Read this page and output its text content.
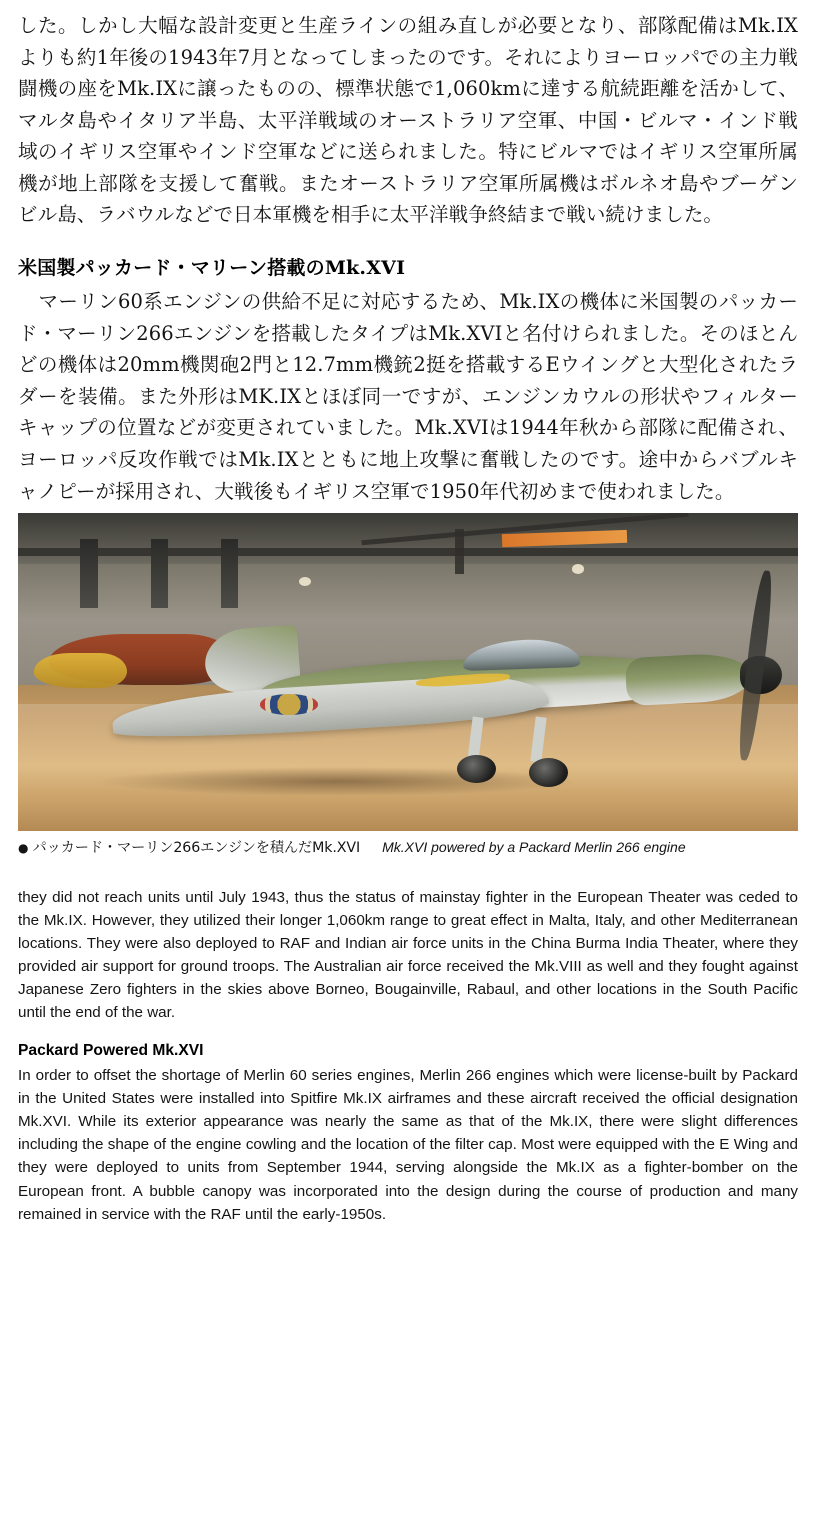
した。しかし大幅な設計変更と生産ラインの組み直しが必要となり、部隊配備はMk.IXよりも約1年後の1943年7月となってしまったのです。それによりヨーロッパでの主力戦闘機の座をMk.IXに譲ったものの、標準状態で1,060kmに達する航続距離を活かして、マルタ島やイタリア半島、太平洋戦域のオーストラリア空軍、中国・ビルマ・インド戦域のイギリス空軍やインド空軍などに送られました。特にビルマではイギリス空軍所属機が地上部隊を支援して奮戦。またオーストラリア空軍所属機はボルネオ島やブーゲンビル島、ラバウルなどで日本軍機を相手に太平洋戦争終結まで戦い続けました。

米国製パッカード・マリーン搭載のMk.XVI

マーリン60系エンジンの供給不足に対応するため、Mk.IXの機体に米国製のパッカード・マーリン266エンジンを搭載したタイプはMk.XVIと名付けられました。そのほとんどの機体は20mm機関砲2門と12.7mm機銃2挺を搭載するEウイングと大型化されたラダーを装備。また外形はMK.IXとほぼ同一ですが、エンジンカウルの形状やフィルターキャップの位置などが変更されていました。Mk.XVIは1944年秋から部隊に配備され、ヨーロッパ反攻作戦ではMk.IXとともに地上攻撃に奮戦したのです。途中からバブルキャノピーが採用され、大戦後もイギリス空軍で1950年代初めまで使われました。

● パッカード・マーリン266エンジンを積んだMk.XVI Mk.XVI powered by a Packard Merlin 266 engine

they did not reach units until July 1943, thus the status of mainstay fighter in the European Theater was ceded to the Mk.IX. However, they utilized their longer 1,060km range to great effect in Malta, Italy, and other Mediterranean locations. They were also deployed to RAF and Indian air force units in the China Burma India Theater, where they provided air support for ground troops. The Australian air force received the Mk.VIII as well and they fought against Japanese Zero fighters in the skies above Borneo, Bougainville, Rabaul, and other locations in the South Pacific until the end of the war.

Packard Powered Mk.XVI

In order to offset the shortage of Merlin 60 series engines, Merlin 266 engines which were license-built by Packard in the United States were installed into Spitfire Mk.IX airframes and these aircraft received the official designation Mk.XVI. While its exterior appearance was nearly the same as that of the Mk.IX, there were slight differences including the shape of the engine cowling and the location of the filter cap. Most were equipped with the E Wing and they were deployed to units from September 1944, serving alongside the Mk.IX as a fighter-bomber on the European front. A bubble canopy was incorporated into the design during the course of production and many remained in service with the RAF until the early-1950s.
